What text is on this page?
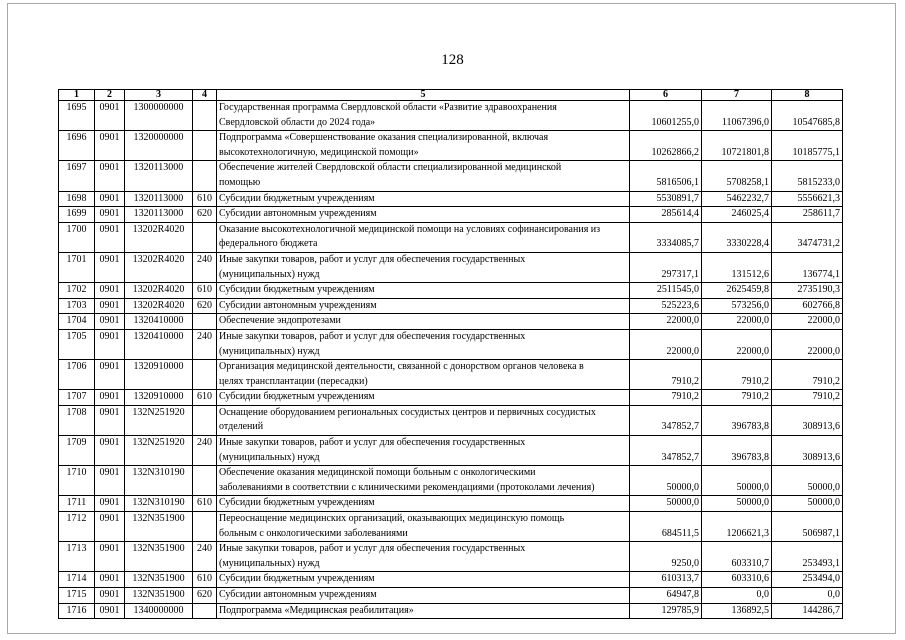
128
1	2	3	4	5	6	7	8
1695	0901	1300000000		Государственная программа Свердловской области «Развитие здравоохранения
Свердловской области до 2024 года»	10601255,0	11067396,0	10547685,8
1696	0901	1320000000		Подпрограмма «Совершенствование оказания специализированной, включая
высокотехнологичную, медицинской помощи»	10262866,2	10721801,8	10185775,1
1697	0901	1320113000		Обеспечение жителей Свердловской области специализированной медицинской
помощью	5816506,1	5708258,1	5815233,0
1698	0901	1320113000	610	Субсидии бюджетным учреждениям	5530891,7	5462232,7	5556621,3
1699	0901	1320113000	620	Субсидии автономным учреждениям	285614,4	246025,4	258611,7
1700	0901	13202R4020		Оказание высокотехнологичной медицинской помощи на условиях софинансирования из
федерального бюджета	3334085,7	3330228,4	3474731,2
1701	0901	13202R4020	240	Иные закупки товаров, работ и услуг для обеспечения государственных
(муниципальных) нужд	297317,1	131512,6	136774,1
1702	0901	13202R4020	610	Субсидии бюджетным учреждениям	2511545,0	2625459,8	2735190,3
1703	0901	13202R4020	620	Субсидии автономным учреждениям	525223,6	573256,0	602766,8
1704	0901	1320410000		Обеспечение эндопротезами	22000,0	22000,0	22000,0
1705	0901	1320410000	240	Иные закупки товаров, работ и услуг для обеспечения государственных
(муниципальных) нужд	22000,0	22000,0	22000,0
1706	0901	1320910000		Организация медицинской деятельности, связанной с донорством органов человека в
целях трансплантации (пересадки)	7910,2	7910,2	7910,2
1707	0901	1320910000	610	Субсидии бюджетным учреждениям	7910,2	7910,2	7910,2
1708	0901	132N251920		Оснащение оборудованием региональных сосудистых центров и первичных сосудистых
отделений	347852,7	396783,8	308913,6
1709	0901	132N251920	240	Иные закупки товаров, работ и услуг для обеспечения государственных
(муниципальных) нужд	347852,7	396783,8	308913,6
1710	0901	132N310190		Обеспечение оказания медицинской помощи больным с онкологическими
заболеваниями в соответствии с клиническими рекомендациями (протоколами лечения)	50000,0	50000,0	50000,0
1711	0901	132N310190	610	Субсидии бюджетным учреждениям	50000,0	50000,0	50000,0
1712	0901	132N351900		Переоснащение медицинских организаций, оказывающих медицинскую помощь
больным с онкологическими заболеваниями	684511,5	1206621,3	506987,1
1713	0901	132N351900	240	Иные закупки товаров, работ и услуг для обеспечения государственных
(муниципальных) нужд	9250,0	603310,7	253493,1
1714	0901	132N351900	610	Субсидии бюджетным учреждениям	610313,7	603310,6	253494,0
1715	0901	132N351900	620	Субсидии автономным учреждениям	64947,8	0,0	0,0
1716	0901	1340000000		Подпрограмма «Медицинская реабилитация»	129785,9	136892,5	144286,7
